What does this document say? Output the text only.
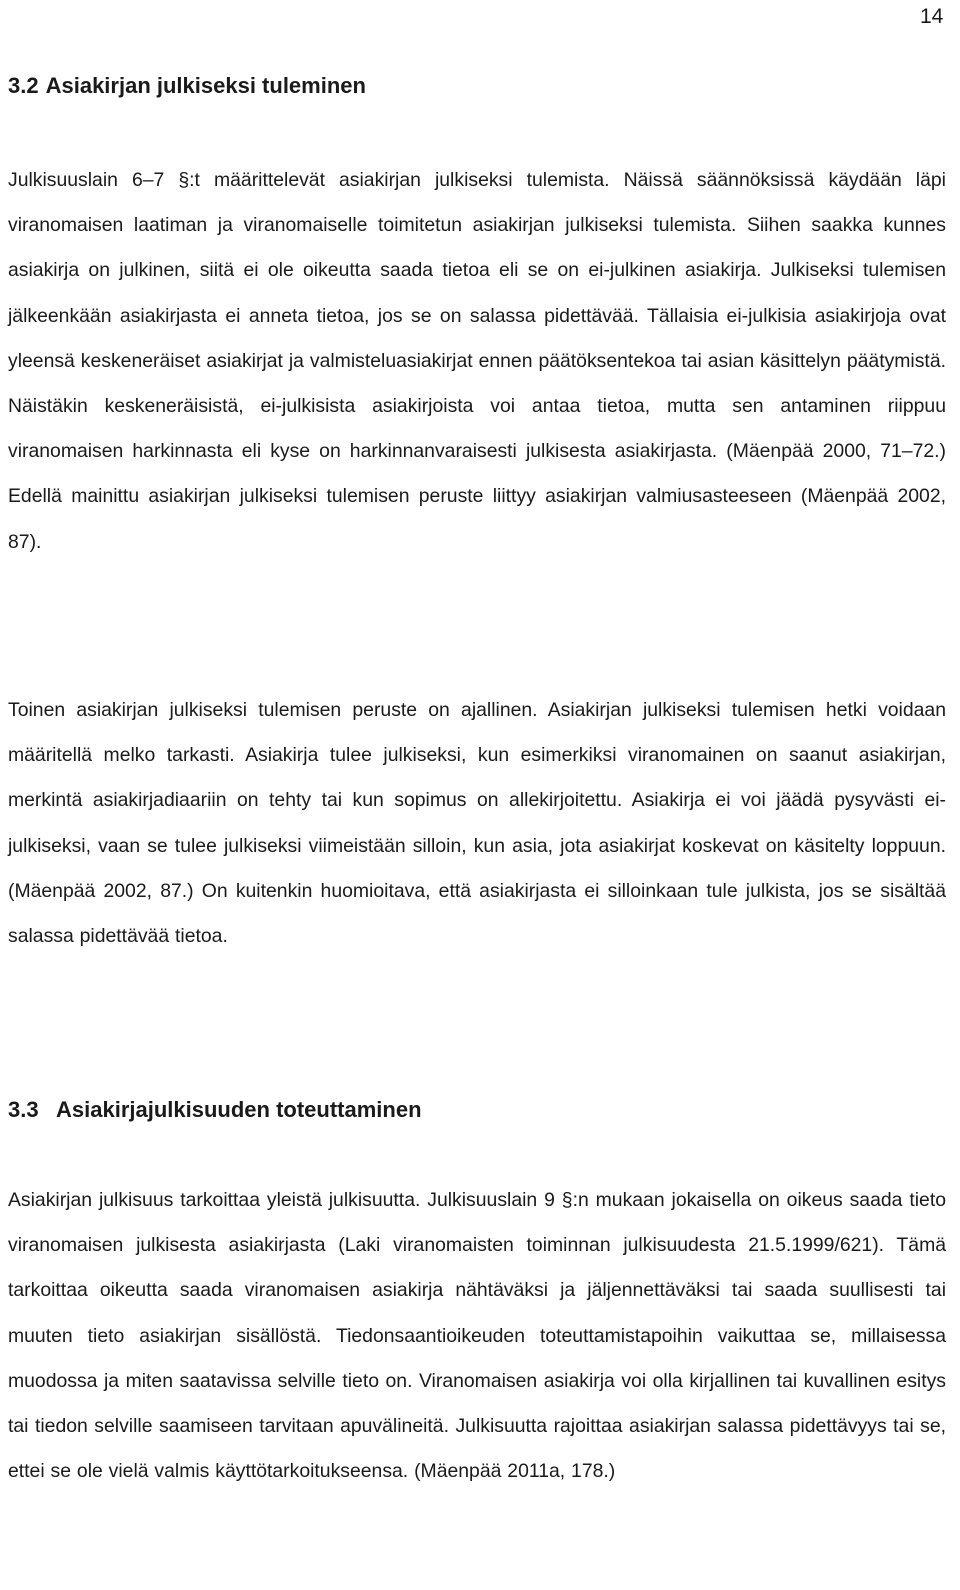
14
3.2 Asiakirjan julkiseksi tuleminen

Julkisuuslain 6–7 §:t määrittelevät asiakirjan julkiseksi tulemista. Näissä säännöksissä käydään läpi viranomaisen laatiman ja viranomaiselle toimitetun asiakirjan julkiseksi tulemista. Siihen saakka kunnes asiakirja on julkinen, siitä ei ole oikeutta saada tietoa eli se on ei-julkinen asiakirja. Julkiseksi tulemisen jälkeenkään asiakirjasta ei anneta tietoa, jos se on salassa pidettävää. Tällaisia ei-julkisia asiakirjoja ovat yleensä keskeneräiset asiakirjat ja valmisteluasiakirjat ennen päätöksentekoa tai asian käsittelyn päätymistä. Näistäkin keskeneräisistä, ei-julkisista asiakirjoista voi antaa tietoa, mutta sen antaminen riippuu viranomaisen harkinnasta eli kyse on harkinnanvaraisesti julkisesta asiakirjasta. (Mäenpää 2000, 71–72.) Edellä mainittu asiakirjan julkiseksi tulemisen peruste liittyy asiakirjan valmiusasteeseen (Mäenpää 2002, 87).

Toinen asiakirjan julkiseksi tulemisen peruste on ajallinen. Asiakirjan julkiseksi tulemisen hetki voidaan määritellä melko tarkasti. Asiakirja tulee julkiseksi, kun esimerkiksi viranomainen on saanut asiakirjan, merkintä asiakirjadiaariin on tehty tai kun sopimus on allekirjoitettu. Asiakirja ei voi jäädä pysyvästi ei-julkiseksi, vaan se tulee julkiseksi viimeistään silloin, kun asia, jota asiakirjat koskevat on käsitelty loppuun. (Mäenpää 2002, 87.) On kuitenkin huomioitava, että asiakirjasta ei silloinkaan tule julkista, jos se sisältää salassa pidettävää tietoa.

3.3 Asiakirjajulkisuuden toteuttaminen

Asiakirjan julkisuus tarkoittaa yleistä julkisuutta. Julkisuuslain 9 §:n mukaan jokaisella on oikeus saada tieto viranomaisen julkisesta asiakirjasta (Laki viranomaisten toiminnan julkisuudesta 21.5.1999/621). Tämä tarkoittaa oikeutta saada viranomaisen asiakirja nähtäväksi ja jäljennettäväksi tai saada suullisesti tai muuten tieto asiakirjan sisällöstä. Tiedonsaantioikeuden toteuttamistapoihin vaikuttaa se, millaisessa muodossa ja miten saatavissa selville tieto on. Viranomaisen asiakirja voi olla kirjallinen tai kuvallinen esitys tai tiedon selville saamiseen tarvitaan apuvälineitä. Julkisuutta rajoittaa asiakirjan salassa pidettävyys tai se, ettei se ole vielä valmis käyttötarkoitukseensa. (Mäenpää 2011a, 178.)
